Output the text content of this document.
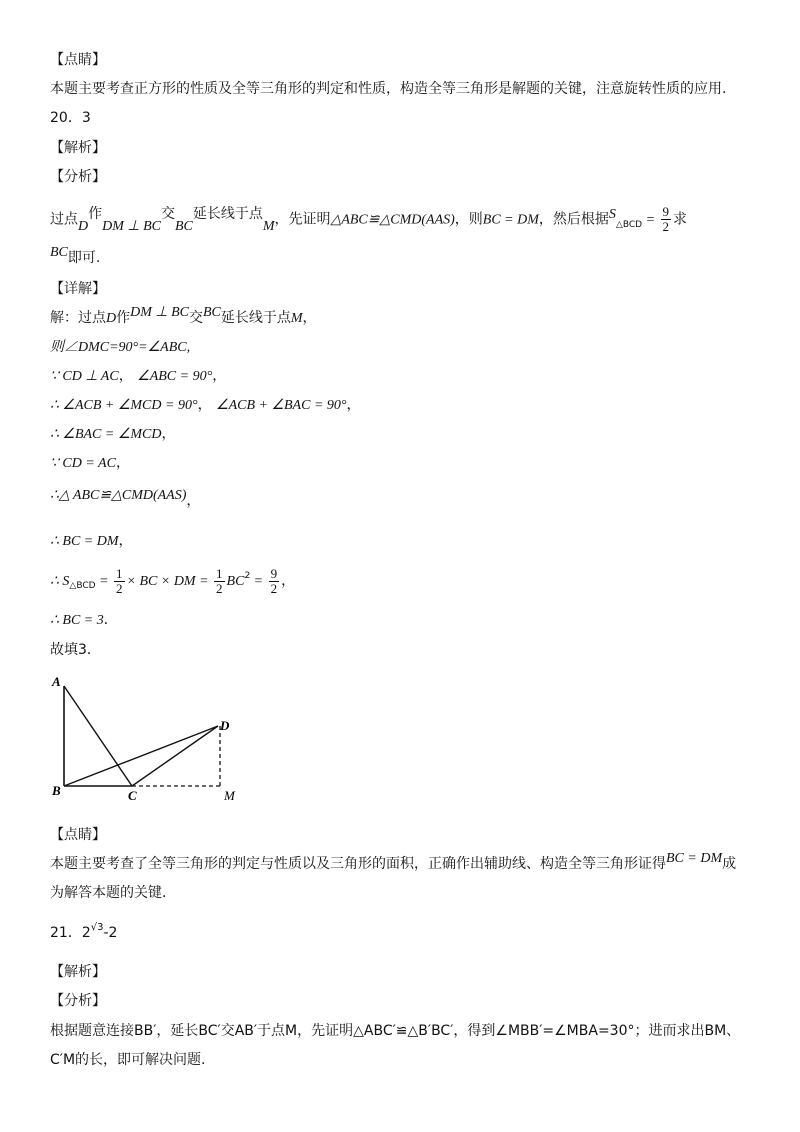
【点睛】
本题主要考查正方形的性质及全等三角形的判定和性质，构造全等三角形是解题的关键，注意旋转性质的应用.
20．3
【解析】
【分析】
过点D作DM ⊥ BC交BC延长线于点M，先证明△ABC≌△CMD(AAS)，则BC = DM，然后根据$S_{\triangle BCD} = \frac{9}{2}$ 求
BC即可.
【详解】
解：过点D作DM ⊥ BC交BC延长线于点M，
则∠DMC=90°=∠ABC,
∵ CD ⊥ AC， ∠ABC = 90°，
∴ ∠ACB + ∠MCD = 90°， ∠ACB + ∠BAC = 90°，
∴ ∠BAC = ∠MCD，
∵ CD = AC，
∴△ ABC≌△CMD(AAS)，
∴ BC = DM，
∴ $S_{\triangle BCD} = \frac{1}{2}$ × BC × DM = $\frac{1}{2} BC^2 = \frac{9}{2}$ ，
∴ BC = 3．
故填3．
A
B	C
D
M
【点睛】
本题主要考查了全等三角形的判定与性质以及三角形的面积，正确作出辅助线、构造全等三角形证得BC = DM成
为解答本题的关键.
21．$2^{√3}-2$
【解析】
【分析】
根据题意连接BB′，延长BC′交AB′于点M，先证明△ABC′≌△B′BC′，得到∠MBB′=∠MBA=30°；进而求出BM、
C′M的长，即可解决问题.
